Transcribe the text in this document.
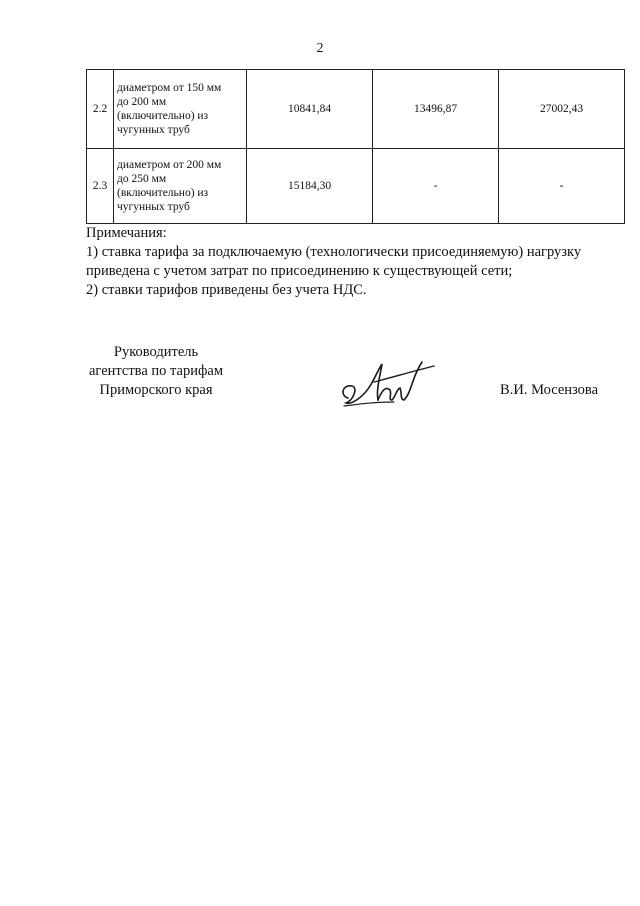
2
2.2	диаметром от 150 мм
до 200 мм
(включительно) из
чугунных труб	10841,84	13496,87	27002,43
2.3	диаметром от 200 мм
до 250 мм
(включительно) из
чугунных труб	15184,30	-	-
Примечания:
1) ставка тарифа за подключаемую (технологически присоединяемую) нагрузку
приведена с учетом затрат по присоединению к существующей сети;
2) ставки тарифов приведены без учета НДС.
Руководитель
агентства по тарифам
Приморского края	В.И. Мосензова
